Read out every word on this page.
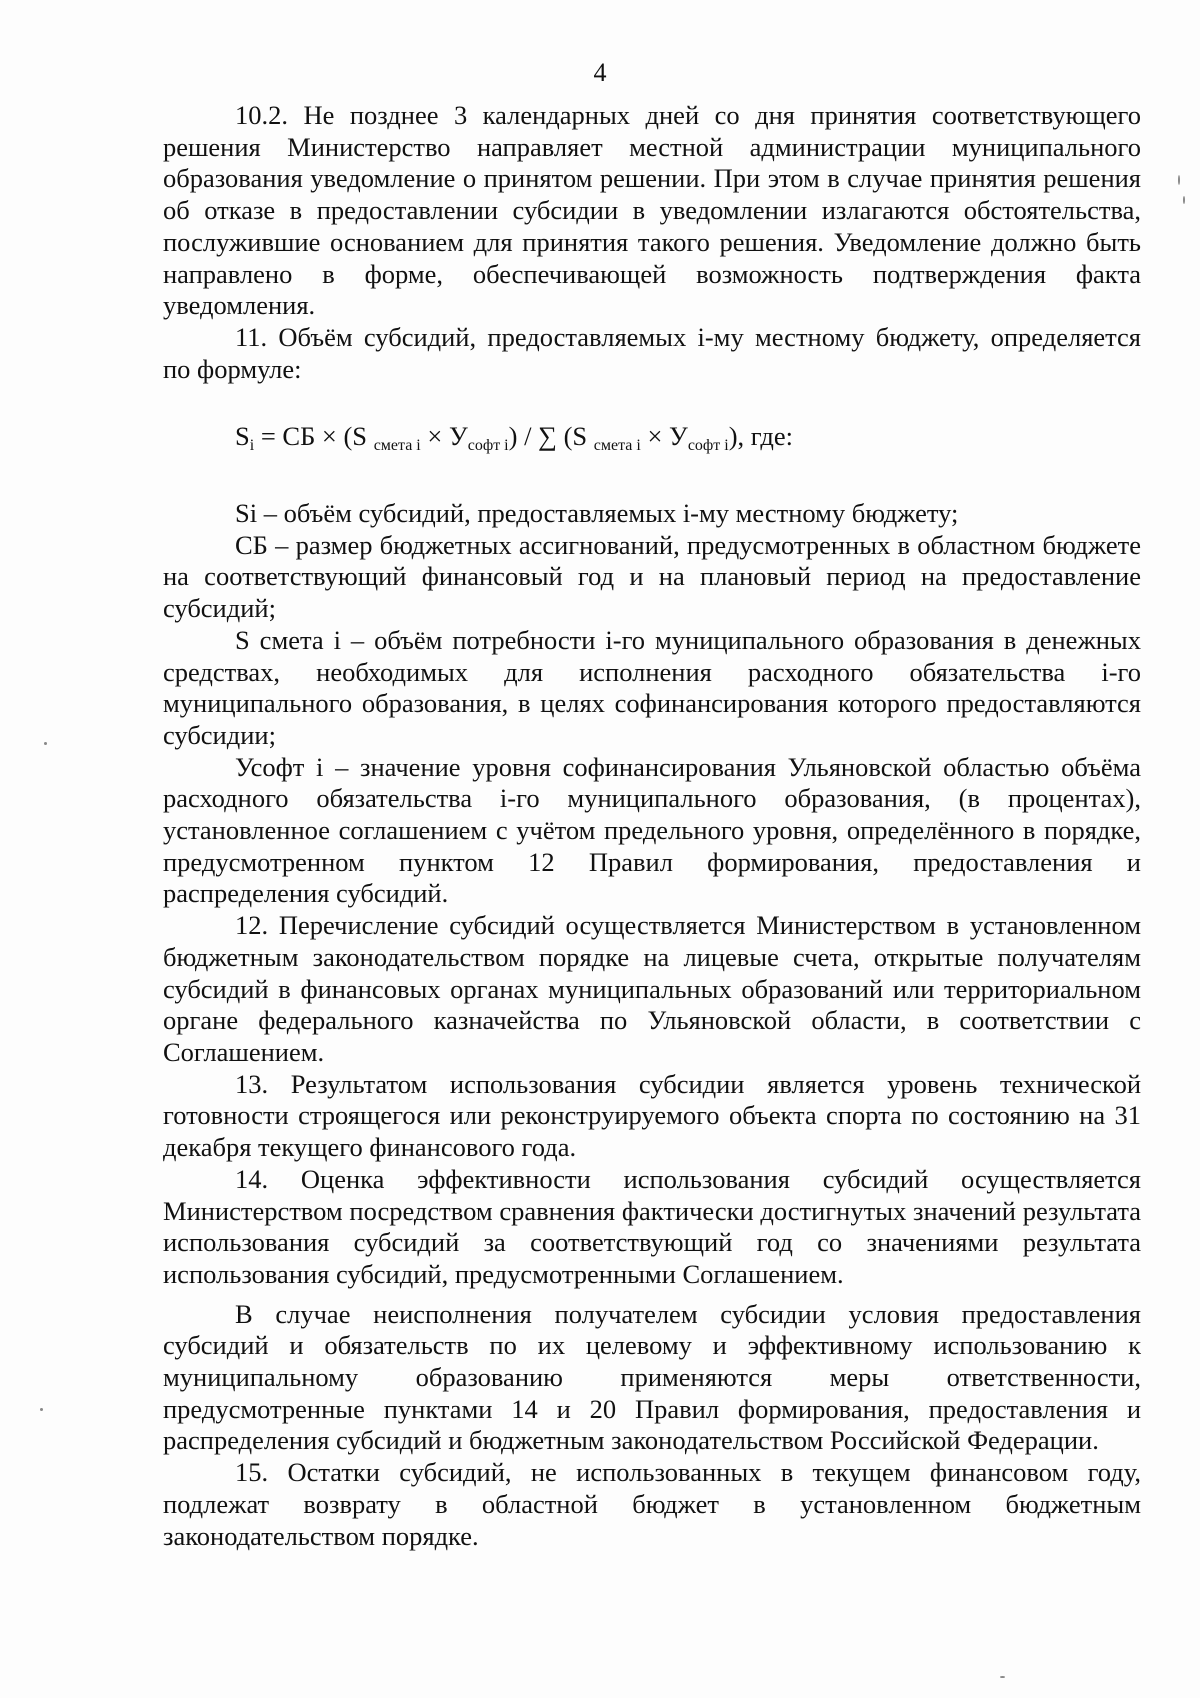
4

10.2. Не позднее 3 календарных дней со дня принятия соответствующего решения Министерство направляет местной администрации муниципального образования уведомление о принятом решении. При этом в случае принятия решения об отказе в предоставлении субсидии в уведомлении излагаются обстоятельства, послужившие основанием для принятия такого решения. Уведомление должно быть направлено в форме, обеспечивающей возможность подтверждения факта уведомления.

11. Объём субсидий, предоставляемых i-му местному бюджету, определяется по формуле:

$S_i$ = СБ × (S $_{смета i} \times У_{софт i}$) / ∑ (S $_{смета i} \times У_{софт i}$), где:

Si – объём субсидий, предоставляемых i-му местному бюджету;

СБ – размер бюджетных ассигнований, предусмотренных в областном бюджете на соответствующий финансовый год и на плановый период на предоставление субсидий;

S смета i – объём потребности i-го муниципального образования в денежных средствах, необходимых для исполнения расходного обязательства i-го муниципального образования, в целях софинансирования которого предоставляются субсидии;

Усофт i – значение уровня софинансирования Ульяновской областью объёма расходного обязательства i-го муниципального образования, (в процентах), установленное соглашением с учётом предельного уровня, определённого в порядке, предусмотренном пунктом 12 Правил формирования, предоставления и распределения субсидий.

12. Перечисление субсидий осуществляется Министерством в установленном бюджетным законодательством порядке на лицевые счета, открытые получателям субсидий в финансовых органах муниципальных образований или территориальном органе федерального казначейства по Ульяновской области, в соответствии с Соглашением.

13. Результатом использования субсидии является уровень технической готовности строящегося или реконструируемого объекта спорта по состоянию на 31 декабря текущего финансового года.

14. Оценка эффективности использования субсидий осуществляется Министерством посредством сравнения фактически достигнутых значений результата использования субсидий за соответствующий год со значениями результата использования субсидий, предусмотренными Соглашением.

В случае неисполнения получателем субсидии условия предоставления субсидий и обязательств по их целевому и эффективному использованию к муниципальному образованию применяются меры ответственности, предусмотренные пунктами 14 и 20 Правил формирования, предоставления и распределения субсидий и бюджетным законодательством Российской Федерации.

15. Остатки субсидий, не использованных в текущем финансовом году, подлежат возврату в областной бюджет в установленном бюджетным законодательством порядке.
